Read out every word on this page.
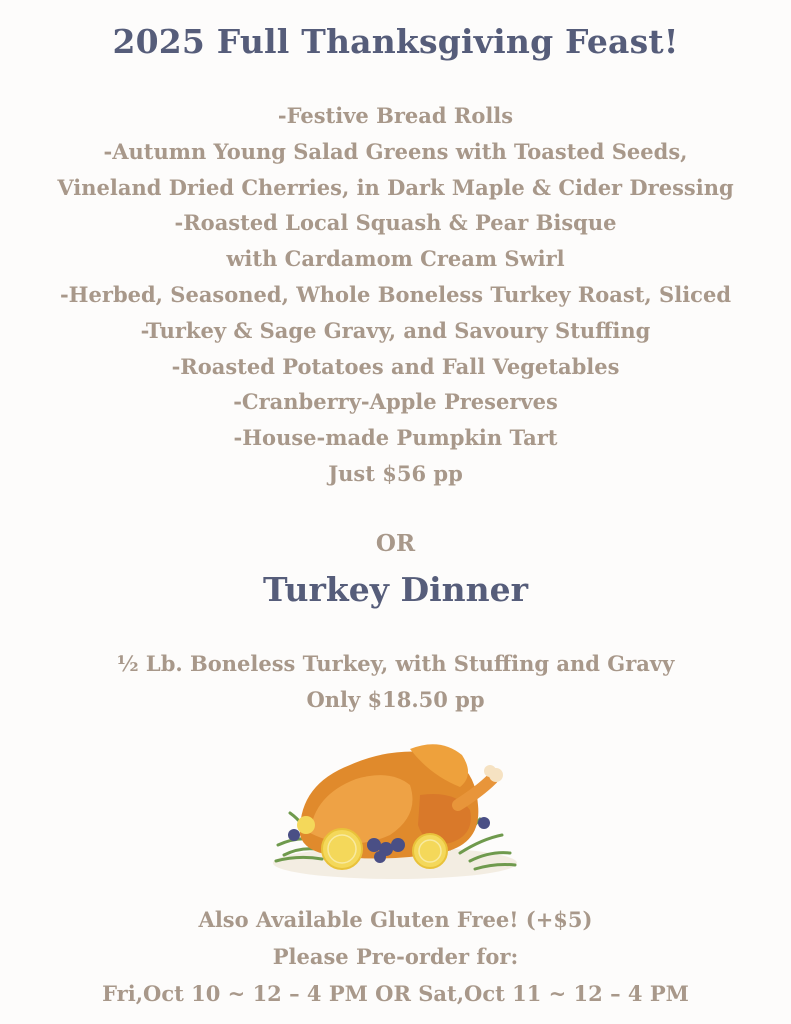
2025 Full Thanksgiving Feast!
-Festive Bread Rolls
-Autumn Young Salad Greens with Toasted Seeds,
Vineland Dried Cherries, in Dark Maple & Cider Dressing
-Roasted Local Squash & Pear Bisque
with Cardamom Cream Swirl
-Herbed, Seasoned, Whole Boneless Turkey Roast, Sliced
-Turkey & Sage Gravy, and Savoury Stuffing
-Roasted Potatoes and Fall Vegetables
-Cranberry-Apple Preserves
-House-made Pumpkin Tart
Just $56 pp
OR
Turkey Dinner
½ Lb. Boneless Turkey, with Stuffing and Gravy
Only $18.50 pp
Also Available Gluten Free! (+$5)
Please Pre-order for:
Fri,Oct 10 ~ 12 – 4 PM OR Sat,Oct 11 ~ 12 – 4 PM
